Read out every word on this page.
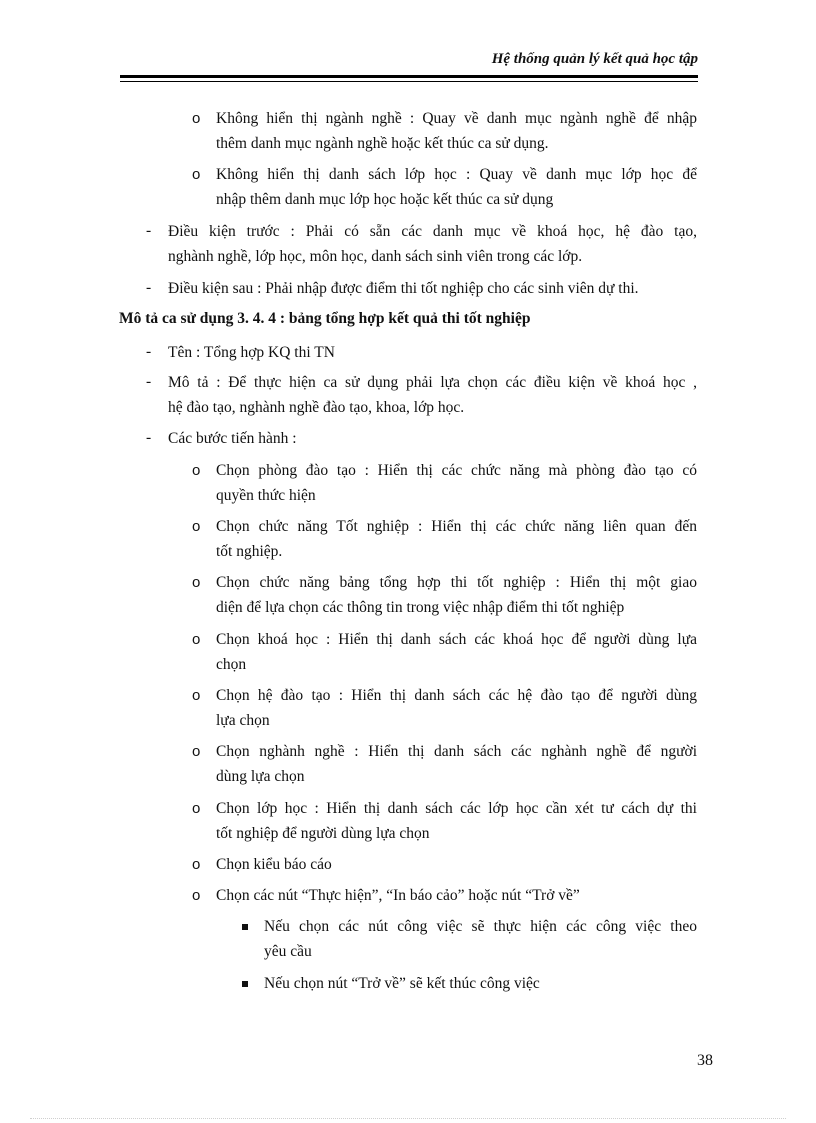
Hệ thống quản lý kết quả học tập
o Không hiển thị ngành nghề : Quay về danh mục ngành nghề để nhập
thêm danh mục ngành nghề hoặc kết thúc ca sử dụng.
o Không hiển thị danh sách lớp học : Quay về danh mục lớp học để
nhập thêm danh mục lớp học hoặc kết thúc ca sử dụng
- Điều kiện trước : Phải có sẵn các danh mục về khoá học, hệ đào tạo,
nghành nghề, lớp học, môn học, danh sách sinh viên trong các lớp.
- Điều kiện sau : Phải nhập được điểm thi tốt nghiệp cho các sinh viên dự thi.
Mô tả ca sử dụng 3. 4. 4 : bảng tổng hợp kết quả thi tốt nghiệp
- Tên : Tổng hợp KQ thi TN
- Mô tả : Để thực hiện ca sử dụng phải lựa chọn các điều kiện về khoá học ,
hệ đào tạo, nghành nghề đào tạo, khoa, lớp học.
- Các bước tiến hành :
o Chọn phòng đào tạo : Hiển thị các chức năng mà phòng đào tạo có
quyền thức hiện
o Chọn chức năng Tốt nghiệp : Hiển thị các chức năng liên quan đến
tốt nghiệp.
o Chọn chức năng bảng tổng hợp thi tốt nghiệp : Hiển thị một giao
diện để lựa chọn các thông tin trong việc nhập điểm thi tốt nghiệp
o Chọn khoá học : Hiển thị danh sách các khoá học để người dùng lựa
chọn
o Chọn hệ đào tạo : Hiển thị danh sách các hệ đào tạo để người dùng
lựa chọn
o Chọn nghành nghề : Hiển thị danh sách các nghành nghề để người
dùng lựa chọn
o Chọn lớp học : Hiển thị danh sách các lớp học cần xét tư cách dự thi
tốt nghiệp để người dùng lựa chọn
o Chọn kiểu báo cáo
o Chọn các nút “Thực hiện”, “In báo cảo” hoặc nút “Trở về”
Nếu chọn các nút công việc sẽ thực hiện các công việc theo
yêu cầu
Nếu chọn nút “Trở về” sẽ kết thúc công việc
38
